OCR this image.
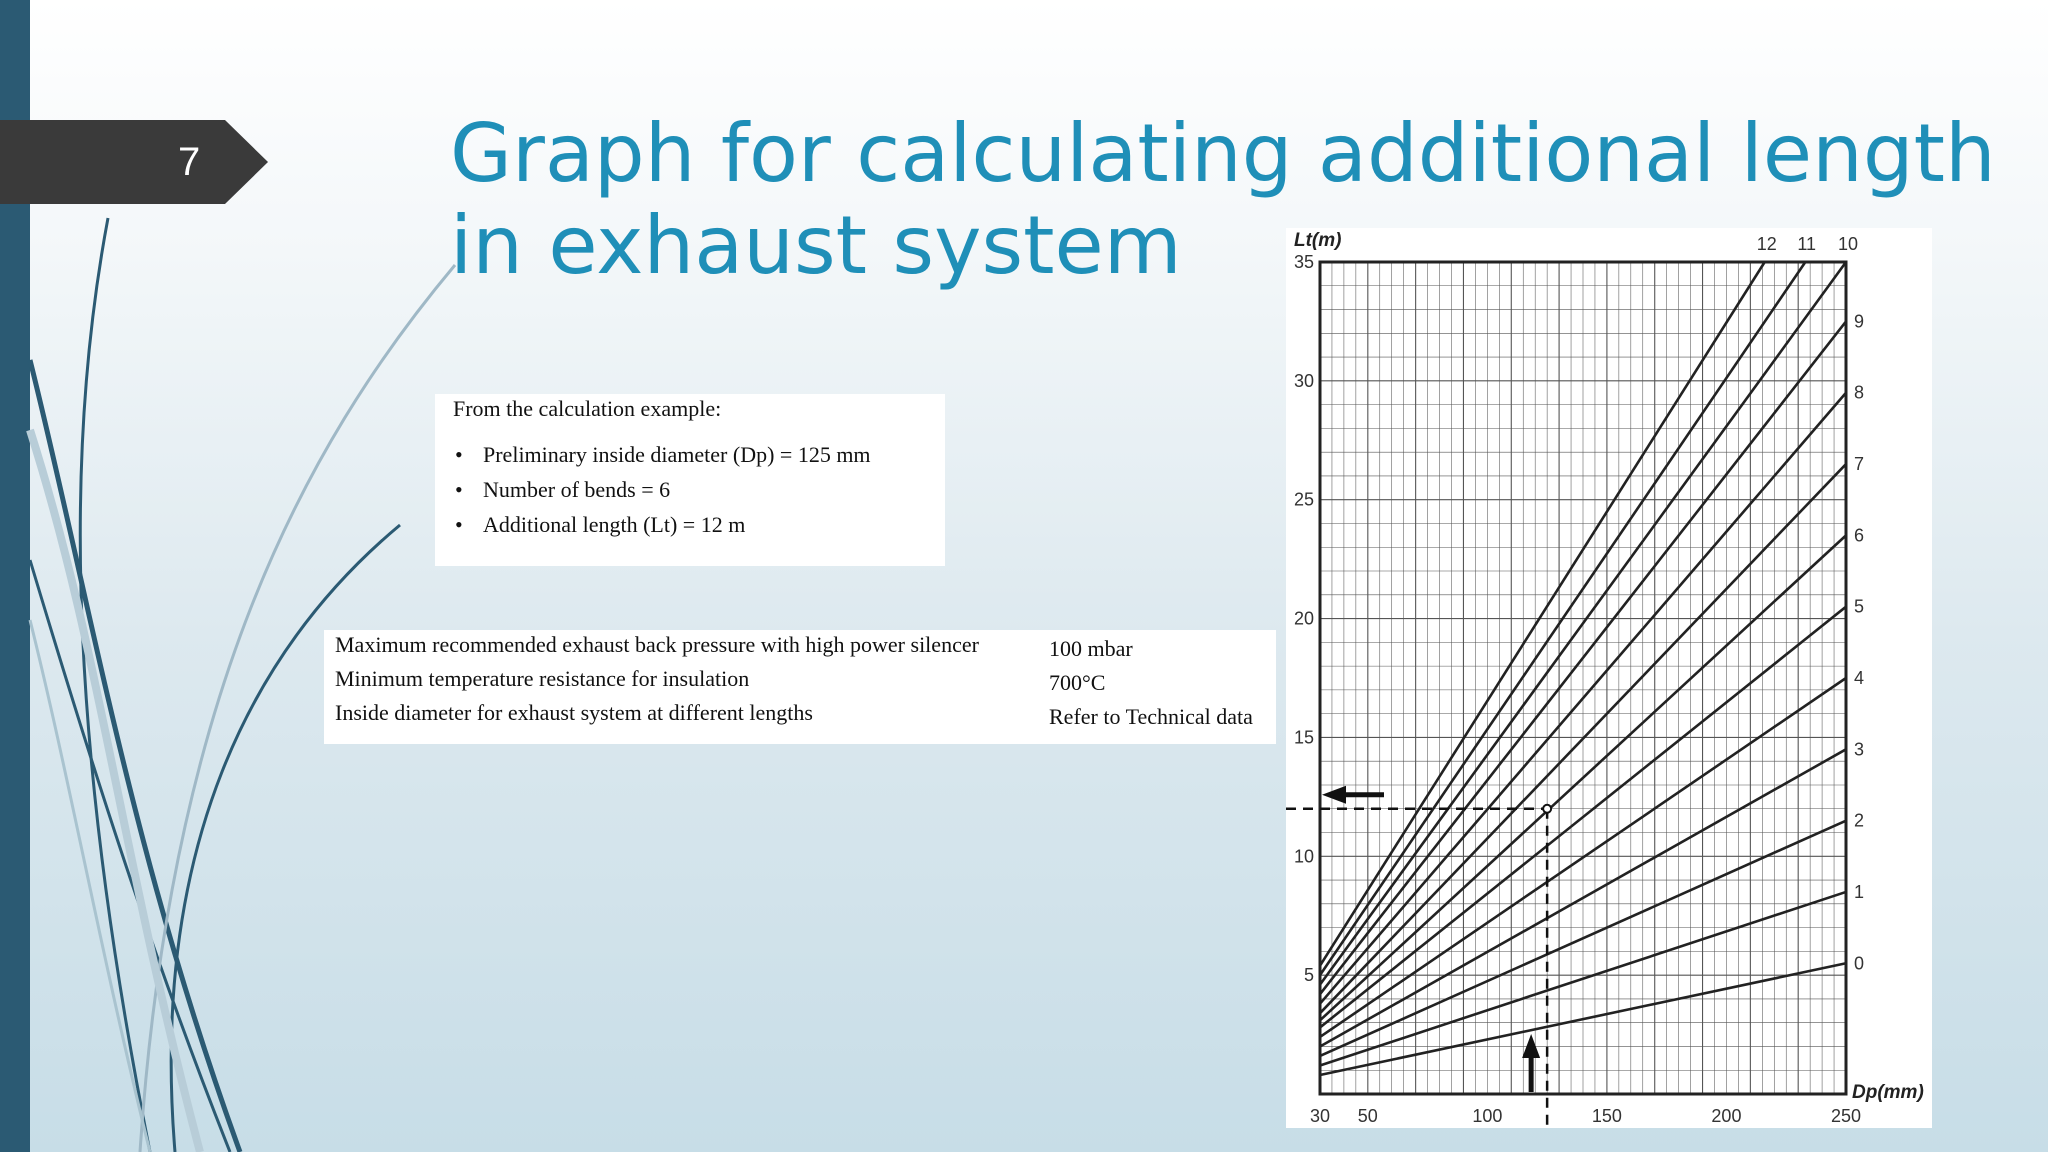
7	Graph for calculating additional length
in exhaust system

From the calculation example:

• Preliminary inside diameter (Dp) = 125 mm
• Number of bends = 6
• Additional length (Lt) = 12 m
Maximum recommended exhaust back pressure with high power silencer	100 mbar
Minimum temperature resistance for insulation	700°C
Inside diameter for exhaust system at different lengths	Refer to Technical data
0
1
2
3
4
5
6
7
8
9
10
11
12
30 50	100	150	200	250
5
10
15
20
25
30
35
Lt(m)
Dp(mm)
